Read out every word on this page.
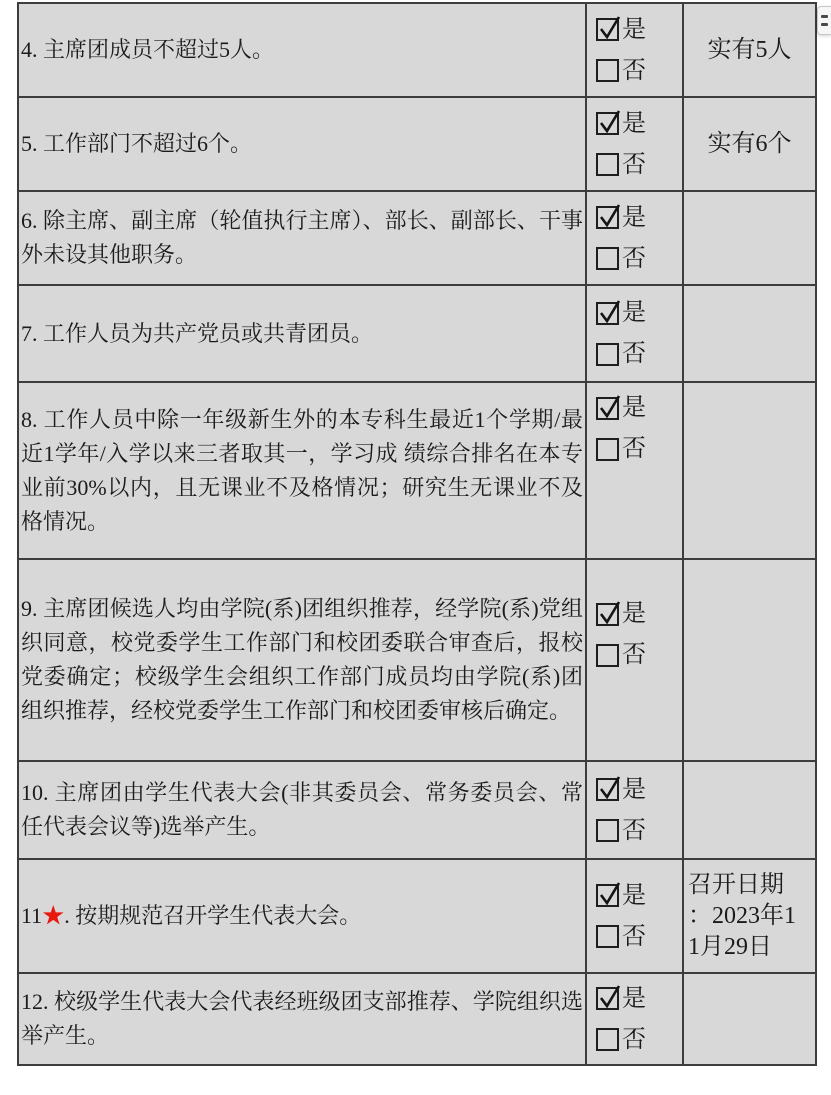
4. 主席团成员不超过5人。
是
否
实有5人
5. 工作部门不超过6个。
是
否
实有6个
6. 除主席、副主席（轮值执行主席）、部长、副部长、干事外未设其他职务。
是
否
7. 工作人员为共产党员或共青团员。
是
否
8. 工作人员中除一年级新生外的本专科生最近1个学期/最近1学年/入学以来三者取其一，学习成 绩综合排名在本专业前30%以内，且无课业不及格情况；研究生无课业不及格情况。
是
否
9. 主席团候选人均由学院(系)团组织推荐，经学院(系)党组织同意，校党委学生工作部门和校团委联合审查后，报校党委确定；校级学生会组织工作部门成员均由学院(系)团组织推荐，经校党委学生工作部门和校团委审核后确定。
是
否
10. 主席团由学生代表大会(非其委员会、常务委员会、常任代表会议等)选举产生。
是
否
11★. 按期规范召开学生代表大会。
是
否
召开日期：2023年11月29日
12. 校级学生代表大会代表经班级团支部推荐、学院组织选举产生。
是
否
